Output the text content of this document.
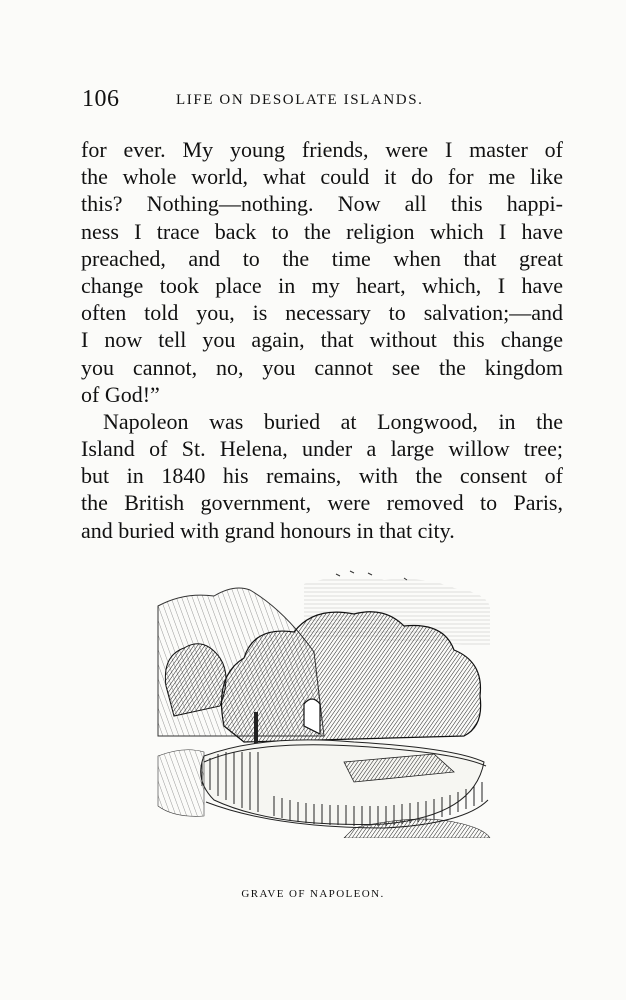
106	LIFE ON DESOLATE ISLANDS.
for ever. My young friends, were I master of
the whole world, what could it do for me like
this? Nothing—nothing. Now all this happi-
ness I trace back to the religion which I have
preached, and to the time when that great
change took place in my heart, which, I have
often told you, is necessary to salvation;—and
I now tell you again, that without this change
you cannot, no, you cannot see the kingdom
of God!”
Napoleon was buried at Longwood, in the
Island of St. Helena, under a large willow tree;
but in 1840 his remains, with the consent of
the British government, were removed to Paris,
and buried with grand honours in that city.
GRAVE OF NAPOLEON.
